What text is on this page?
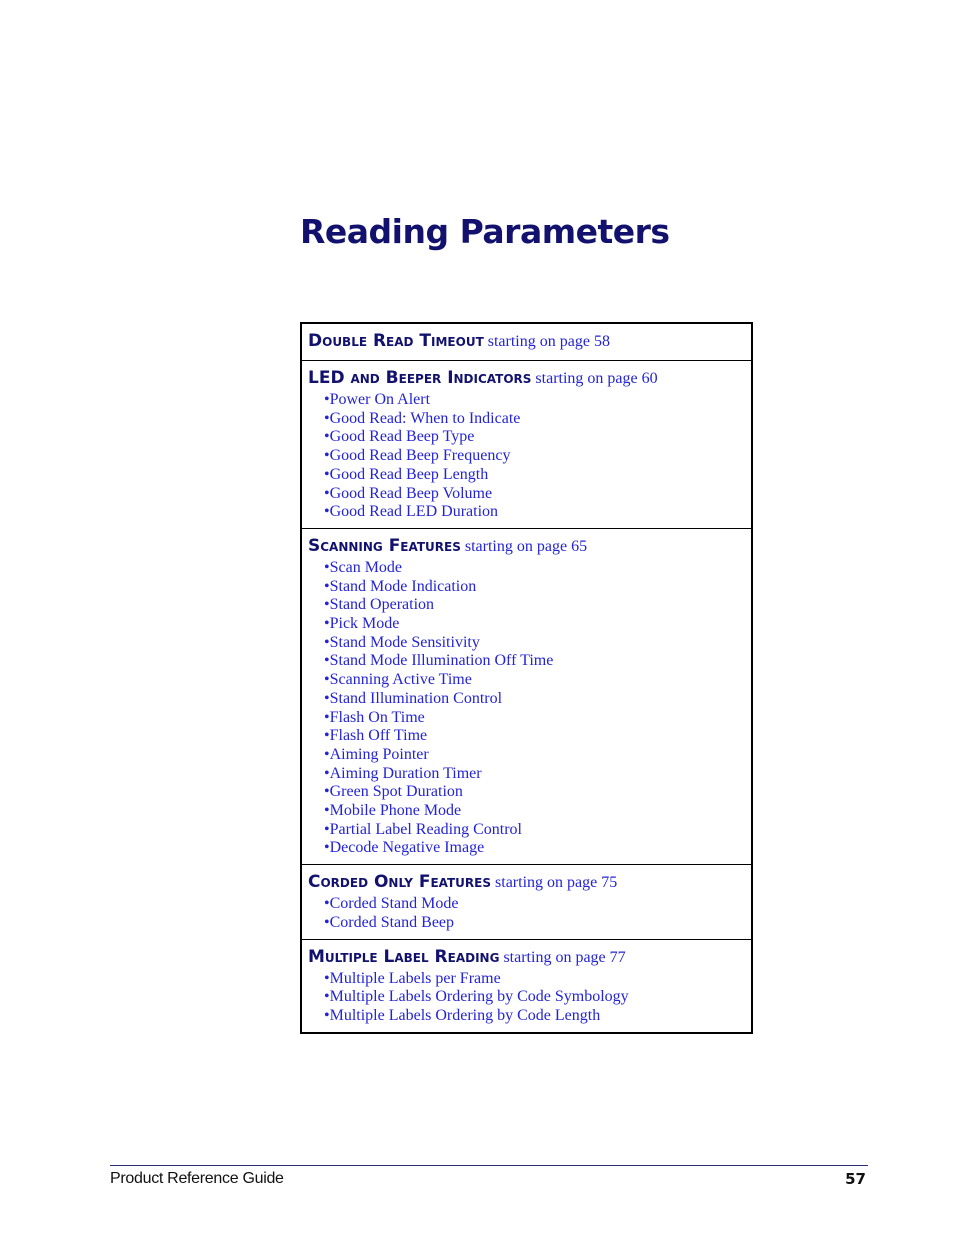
Reading Parameters
Double Read Timeout starting on page 58
LED and Beeper Indicators starting on page 60
•Power On Alert
•Good Read: When to Indicate
•Good Read Beep Type
•Good Read Beep Frequency
•Good Read Beep Length
•Good Read Beep Volume
•Good Read LED Duration
Scanning Features starting on page 65
•Scan Mode
•Stand Mode Indication
•Stand Operation
•Pick Mode
•Stand Mode Sensitivity
•Stand Mode Illumination Off Time
•Scanning Active Time
•Stand Illumination Control
•Flash On Time
•Flash Off Time
•Aiming Pointer
•Aiming Duration Timer
•Green Spot Duration
•Mobile Phone Mode
•Partial Label Reading Control
•Decode Negative Image
Corded Only Features starting on page 75
•Corded Stand Mode
•Corded Stand Beep
Multiple Label Reading starting on page 77
•Multiple Labels per Frame
•Multiple Labels Ordering by Code Symbology
•Multiple Labels Ordering by Code Length
Product Reference Guide	57
